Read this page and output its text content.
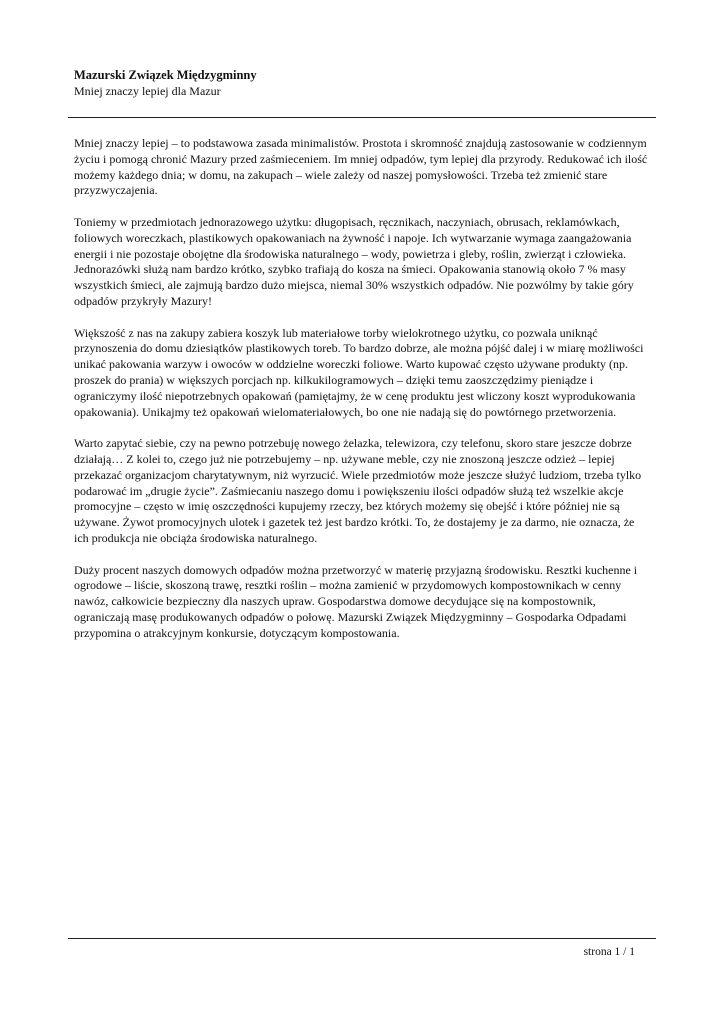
Mazurski Związek Międzygminny

Mniej znaczy lepiej dla Mazur

Mniej znaczy lepiej – to podstawowa zasada minimalistów. Prostota i skromność znajdują zastosowanie w codziennym życiu i pomogą chronić Mazury przed zaśmieceniem. Im mniej odpadów, tym lepiej dla przyrody. Redukować ich ilość możemy każdego dnia; w domu, na zakupach – wiele zależy od naszej pomysłowości. Trzeba też zmienić stare przyzwyczajenia.

Toniemy w przedmiotach jednorazowego użytku: długopisach, ręcznikach, naczyniach, obrusach, reklamówkach, foliowych woreczkach, plastikowych opakowaniach na żywność i napoje. Ich wytwarzanie wymaga zaangażowania energii i nie pozostaje obojętne dla środowiska naturalnego – wody, powietrza i gleby, roślin, zwierząt i człowieka. Jednorazówki służą nam bardzo krótko, szybko trafiają do kosza na śmieci. Opakowania stanowią około 7 % masy wszystkich śmieci, ale zajmują bardzo dużo miejsca, niemal 30% wszystkich odpadów. Nie pozwólmy by takie góry odpadów przykryły Mazury!

Większość z nas na zakupy zabiera koszyk lub materiałowe torby wielokrotnego użytku, co pozwala uniknąć przynoszenia do domu dziesiątków plastikowych toreb. To bardzo dobrze, ale można pójść dalej i w miarę możliwości unikać pakowania warzyw i owoców w oddzielne woreczki foliowe. Warto kupować często używane produkty (np. proszek do prania) w większych porcjach np. kilkukilogramowych – dzięki temu zaoszczędzimy pieniądze i ograniczymy ilość niepotrzebnych opakowań (pamiętajmy, że w cenę produktu jest wliczony koszt wyprodukowania opakowania). Unikajmy też opakowań wielomateriałowych, bo one nie nadają się do powtórnego przetworzenia.

Warto zapytać siebie, czy na pewno potrzebuję nowego żelazka, telewizora, czy telefonu, skoro stare jeszcze dobrze działają… Z kolei to, czego już nie potrzebujemy – np. używane meble, czy nie znoszoną jeszcze odzież – lepiej przekazać organizacjom charytatywnym, niż wyrzucić. Wiele przedmiotów może jeszcze służyć ludziom, trzeba tylko podarować im „drugie życie”. Zaśmiecaniu naszego domu i powiększeniu ilości odpadów służą też wszelkie akcje promocyjne – często w imię oszczędności kupujemy rzeczy, bez których możemy się obejść i które później nie są używane. Żywot promocyjnych ulotek i gazetek też jest bardzo krótki. To, że dostajemy je za darmo, nie oznacza, że ich produkcja nie obciąża środowiska naturalnego.

Duży procent naszych domowych odpadów można przetworzyć w materię przyjazną środowisku. Resztki kuchenne i ogrodowe – liście, skoszoną trawę, resztki roślin – można zamienić w przydomowych kompostownikach w cenny nawóz, całkowicie bezpieczny dla naszych upraw. Gospodarstwa domowe decydujące się na kompostownik, ograniczają masę produkowanych odpadów o połowę. Mazurski Związek Międzygminny – Gospodarka Odpadami przypomina o atrakcyjnym konkursie, dotyczącym kompostowania.

strona 1 / 1
